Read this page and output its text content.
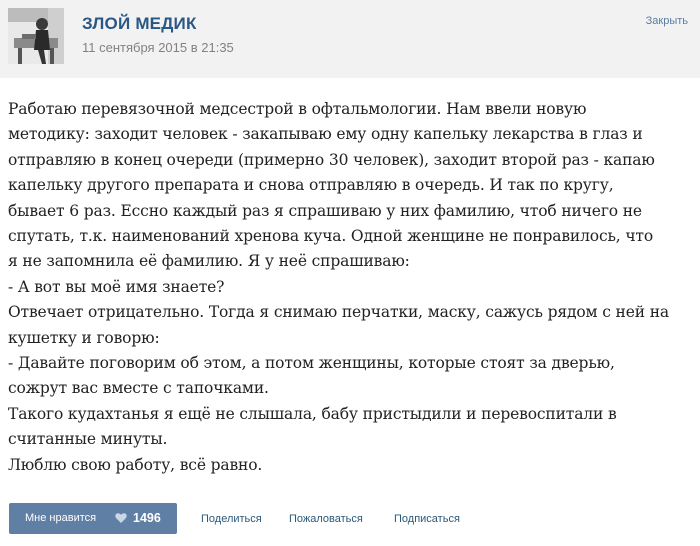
ЗЛОЙ МЕДИК
11 сентября 2015 в 21:35
Закрыть
Работаю перевязочной медсестрой в офтальмологии. Нам ввели новую
методику: заходит человек - закапываю ему одну капельку лекарства в глаз и
отправляю в конец очереди (примерно 30 человек), заходит второй раз - капаю
капельку другого препарата и снова отправляю в очередь. И так по кругу,
бывает 6 раз. Ессно каждый раз я спрашиваю у них фамилию, чтоб ничего не
спутать, т.к. наименований хренова куча. Одной женщине не понравилось, что
я не запомнила её фамилию. Я у неё спрашиваю:
- А вот вы моё имя знаете?
Отвечает отрицательно. Тогда я снимаю перчатки, маску, сажусь рядом с ней на
кушетку и говорю:
- Давайте поговорим об этом, а потом женщины, которые стоят за дверью,
сожрут вас вместе с тапочками.
Такого кудахтанья я ещё не слышала, бабу пристыдили и перевоспитали в
считанные минуты.
Люблю свою работу, всё равно.
Мне нравится	1496	Поделиться Пожаловаться	Подписаться
